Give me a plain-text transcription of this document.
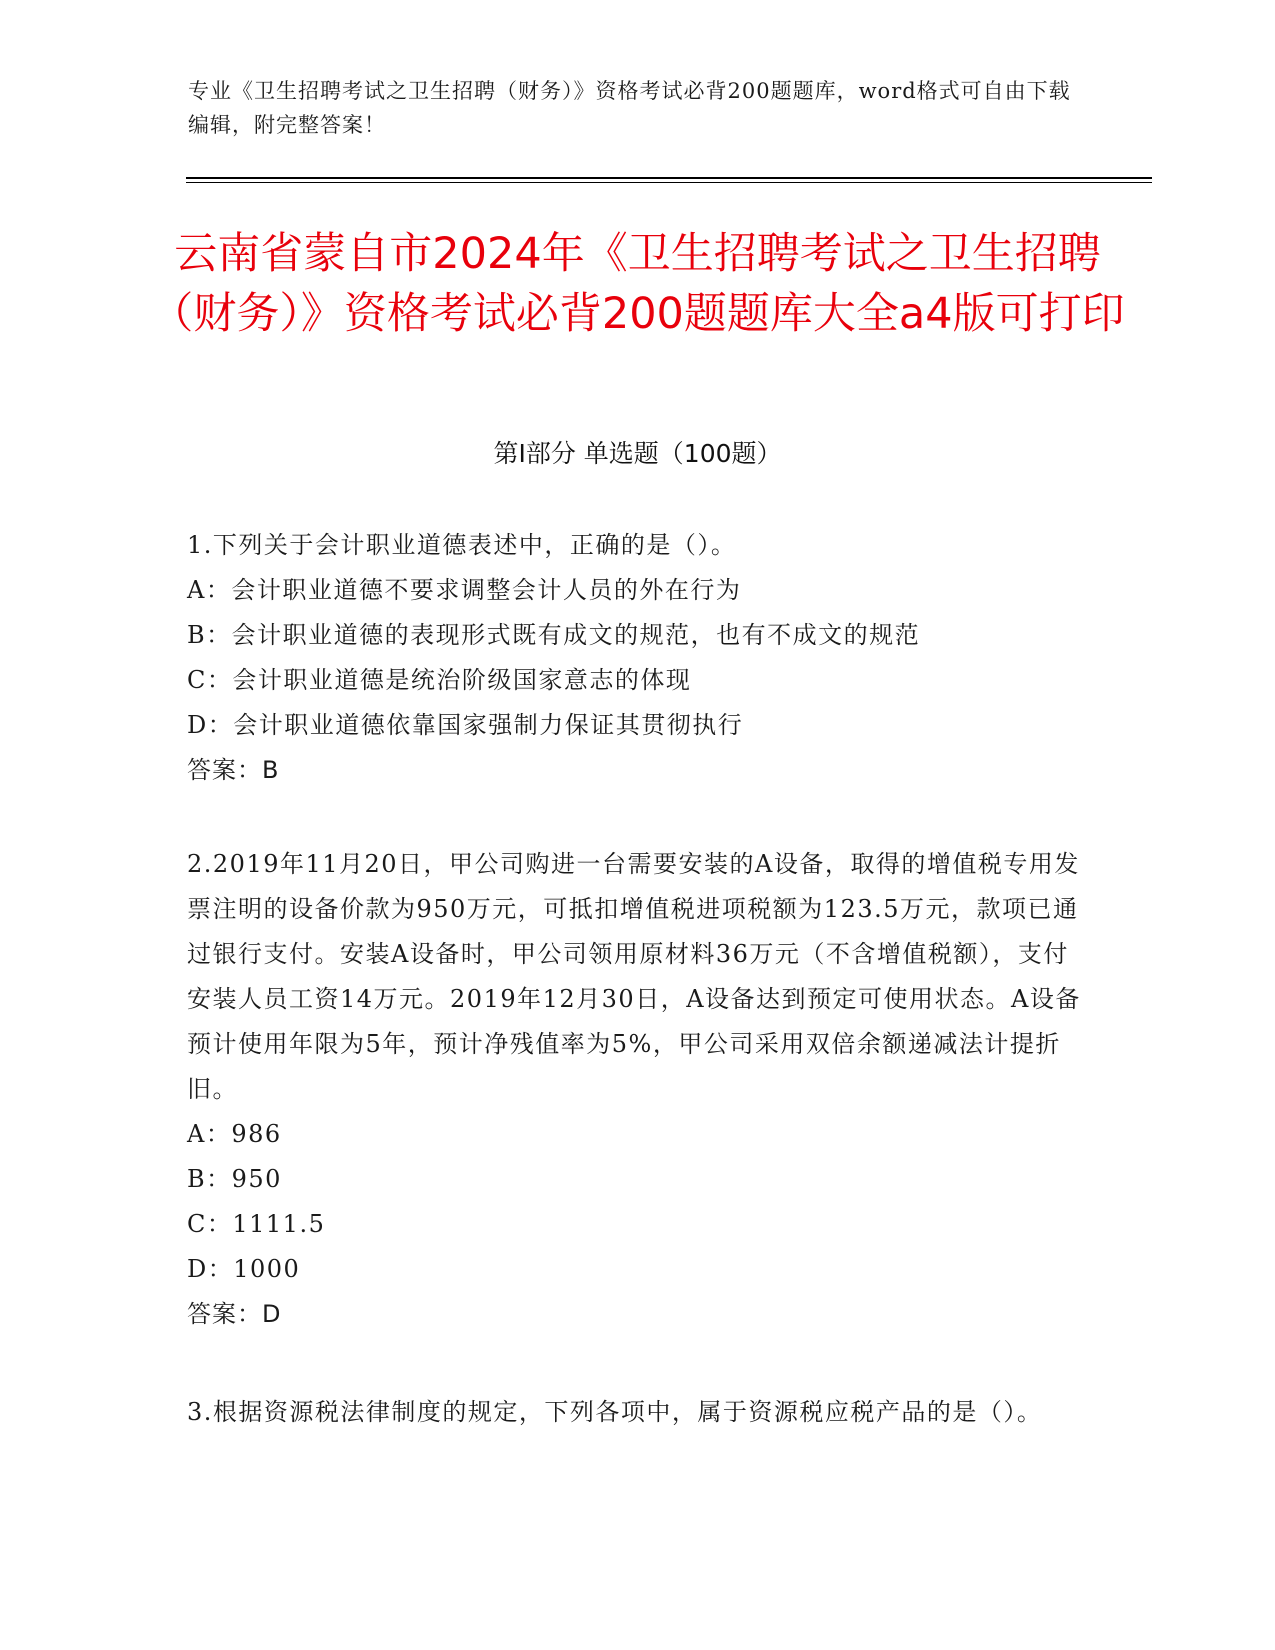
专业《卫生招聘考试之卫生招聘（财务）》资格考试必背200题题库，word格式可自由下载编辑，附完整答案！
云南省蒙自市2024年《卫生招聘考试之卫生招聘（财务）》资格考试必背200题题库大全a4版可打印
第I部分 单选题（100题）

1.下列关于会计职业道德表述中，正确的是（）。

A：会计职业道德不要求调整会计人员的外在行为

B：会计职业道德的表现形式既有成文的规范，也有不成文的规范

C：会计职业道德是统治阶级国家意志的体现

D：会计职业道德依靠国家强制力保证其贯彻执行

答案：B

2.2019年11月20日，甲公司购进一台需要安装的A设备，取得的增值税专用发票注明的设备价款为950万元，可抵扣增值税进项税额为123.5万元，款项已通过银行支付。安装A设备时，甲公司领用原材料36万元（不含增值税额），支付安装人员工资14万元。2019年12月30日，A设备达到预定可使用状态。A设备预计使用年限为5年，预计净残值率为5%，甲公司采用双倍余额递减法计提折旧。

A：986

B：950

C：1111.5

D：1000

答案：D

3.根据资源税法律制度的规定，下列各项中，属于资源税应税产品的是（）。
